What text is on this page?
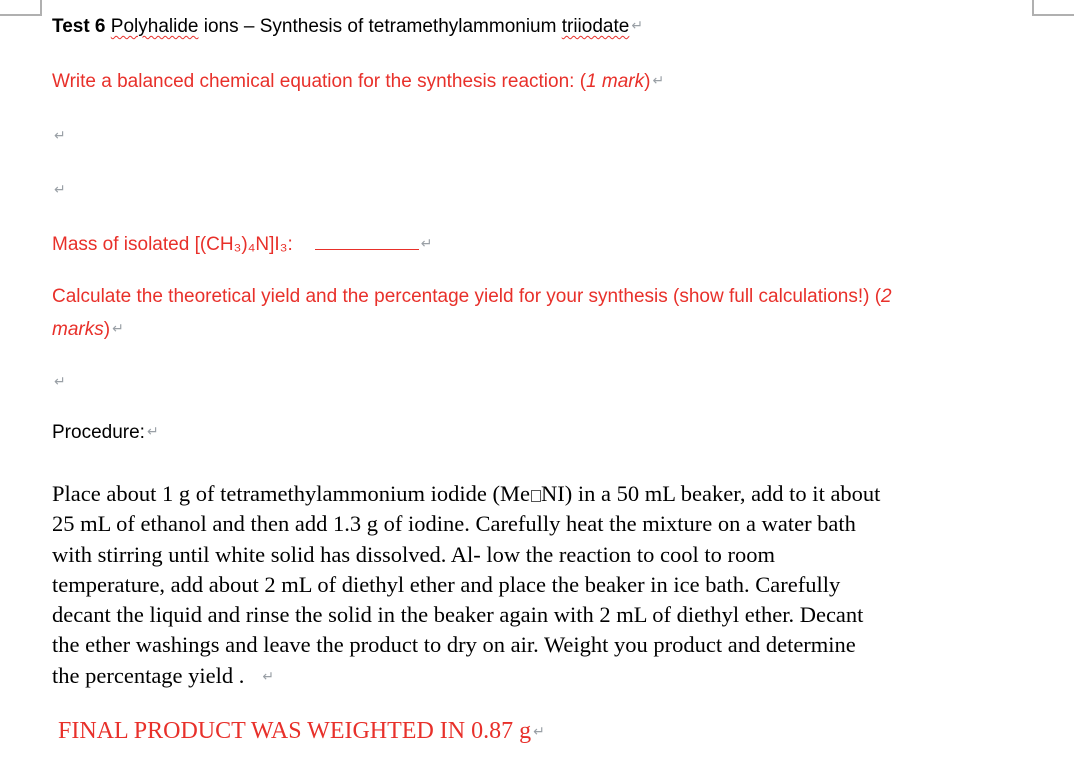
Test 6 Polyhalide ions – Synthesis of tetramethylammonium triiodate ↵
Write a balanced chemical equation for the synthesis reaction: (1 mark) ↵
↵
↵
Mass of isolated [(CH₃)₄N]I₃:	↵
Calculate the theoretical yield and the percentage yield for your synthesis (show full calculations!) (2
marks) ↵
↵
Procedure: ↵
Place about 1 g of tetramethylammonium iodide (Me NI) in a 50 mL beaker, add to it about
25 mL of ethanol and then add 1.3 g of iodine. Carefully heat the mixture on a water bath
with stirring until white solid has dissolved. Al- low the reaction to cool to room
temperature, add about 2 mL of diethyl ether and place the beaker in ice bath. Carefully
decant the liquid and rinse the solid in the beaker again with 2 mL of diethyl ether. Decant
the ether washings and leave the product to dry on air. Weight you product and determine
the percentage yield . ↵
FINAL PRODUCT WAS WEIGHTED IN 0.87 g ↵
